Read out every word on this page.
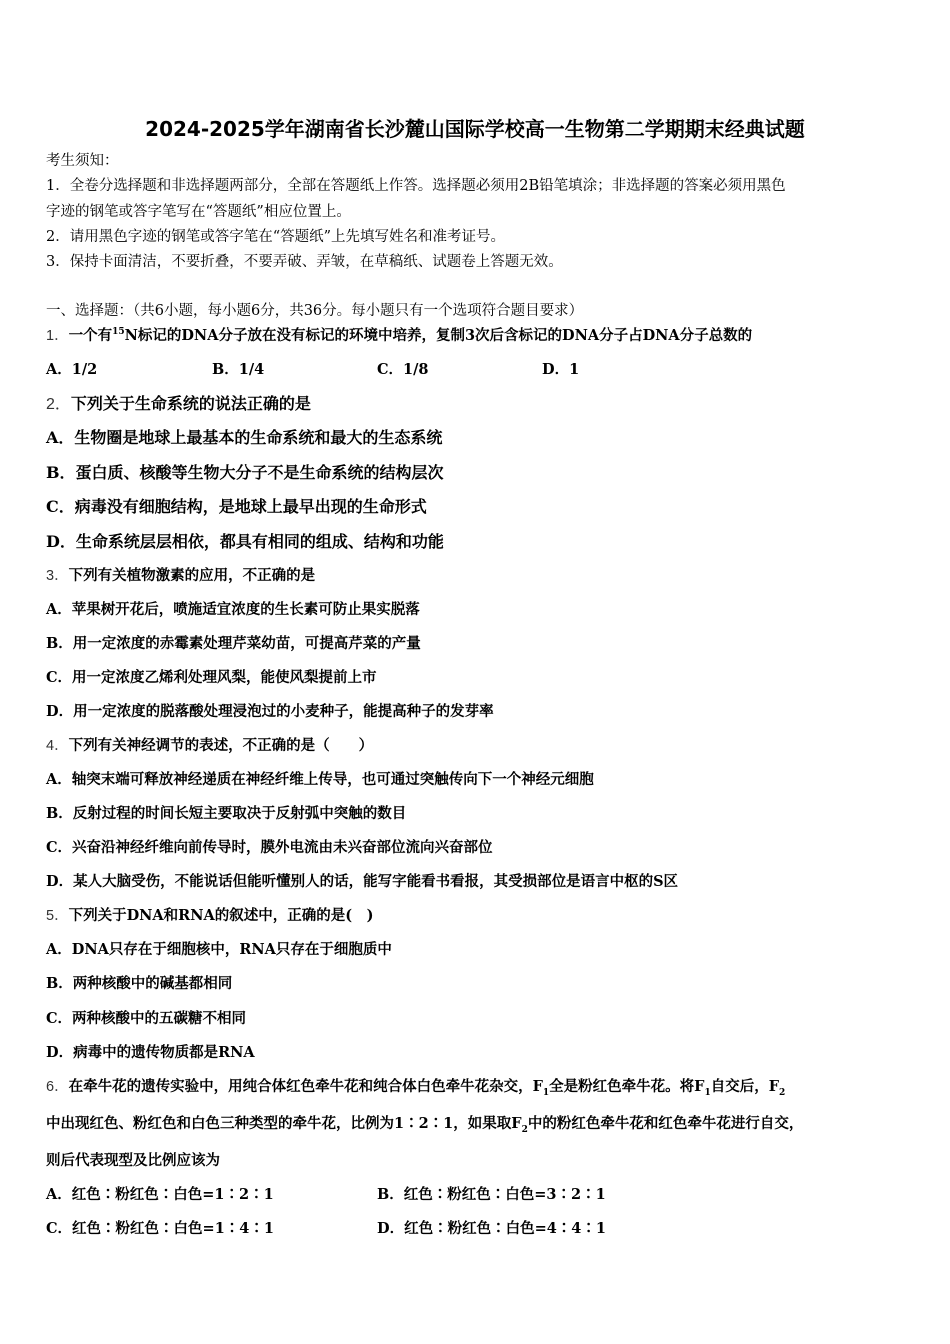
2024-2025学年湖南省长沙麓山国际学校高一生物第二学期期末经典试题
考生须知：
1．全卷分选择题和非选择题两部分，全部在答题纸上作答。选择题必须用2B铅笔填涂；非选择题的答案必须用黑色
字迹的钢笔或答字笔写在“答题纸”相应位置上。
2．请用黑色字迹的钢笔或答字笔在“答题纸”上先填写姓名和准考证号。
3．保持卡面清洁，不要折叠，不要弄破、弄皱，在草稿纸、试题卷上答题无效。
一、选择题：（共6小题，每小题6分，共36分。每小题只有一个选项符合题目要求）
1．一个有$^{15}$N标记的DNA分子放在没有标记的环境中培养，复制3次后含标记的DNA分子占DNA分子总数的
A．1/2	B．1/4	C．1/8	D．1
2．下列关于生命系统的说法正确的是
A．生物圈是地球上最基本的生命系统和最大的生态系统
B．蛋白质、核酸等生物大分子不是生命系统的结构层次
C．病毒没有细胞结构，是地球上最早出现的生命形式
D．生命系统层层相依，都具有相同的组成、结构和功能
3．下列有关植物激素的应用，不正确的是
A．苹果树开花后，喷施适宜浓度的生长素可防止果实脱落
B．用一定浓度的赤霉素处理芹菜幼苗，可提高芹菜的产量
C．用一定浓度乙烯利处理风梨，能使风梨提前上市
D．用一定浓度的脱落酸处理浸泡过的小麦种子，能提高种子的发芽率
4．下列有关神经调节的表述，不正确的是（　　）
A．轴突末端可释放神经递质在神经纤维上传导，也可通过突触传向下一个神经元细胞
B．反射过程的时间长短主要取决于反射弧中突触的数目
C．兴奋沿神经纤维向前传导时，膜外电流由未兴奋部位流向兴奋部位
D．某人大脑受伤，不能说话但能听懂别人的话，能写字能看书看报，其受损部位是语言中枢的S区
5．下列关于DNA和RNA的叙述中，正确的是(　)
A．DNA只存在于细胞核中，RNA只存在于细胞质中
B．两种核酸中的碱基都相同
C．两种核酸中的五碳糖不相同
D．病毒中的遗传物质都是RNA
6．在牵牛花的遗传实验中，用纯合体红色牵牛花和纯合体白色牵牛花杂交，$F_1$全是粉红色牵牛花。将$F_1$自交后，$F_2$
中出现红色、粉红色和白色三种类型的牵牛花，比例为1∶2∶1，如果取$F_2$中的粉红色牵牛花和红色牵牛花进行自交，
则后代表现型及比例应该为
A．红色∶粉红色∶白色=1∶2∶1	B．红色∶粉红色∶白色=3∶2∶1
C．红色∶粉红色∶白色=1∶4∶1	D．红色∶粉红色∶白色=4∶4∶1
